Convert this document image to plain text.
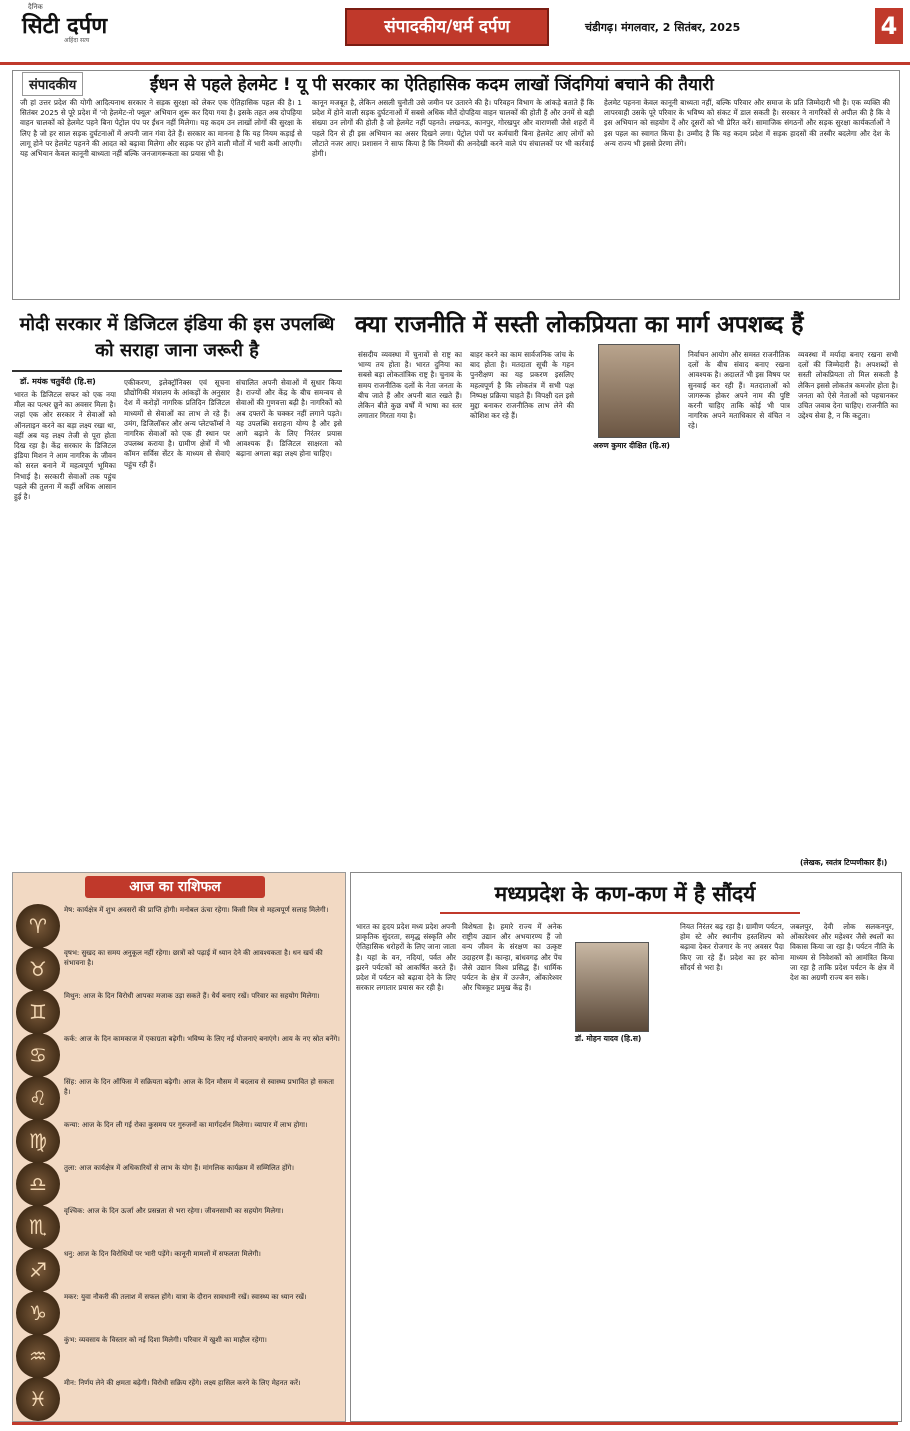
दैनिक
सिटी दर्पण
अहिंदा सत्य
संपादकीय/धर्म दर्पण	चंडीगढ़। मंगलवार, 2 सितंबर, 2025	4
संपादकीय	ईंधन से पहले हेलमेट ! यू पी सरकार का ऐतिहासिक कदम लाखों जिंदगियां बचाने की तैयारी
जी हां उत्तर प्रदेश की योगी आदित्यनाथ सरकार ने सड़क सुरक्षा को लेकर एक ऐतिहासिक पहल की है। 1 सितंबर 2025 से पूरे प्रदेश में 'नो हेलमेट-नो फ्यूल' अभियान शुरू कर दिया गया है। इसके तहत अब दोपहिया वाहन चालकों को हेलमेट पहने बिना पेट्रोल पंप पर ईंधन नहीं मिलेगा। यह कदम उन लाखों लोगों की सुरक्षा के लिए है जो हर साल सड़क दुर्घटनाओं में अपनी जान गंवा देते हैं। सरकार का मानना है कि यह नियम कड़ाई से लागू होने पर हेलमेट पहनने की आदत को बढ़ावा मिलेगा और सड़क पर होने वाली मौतों में भारी कमी आएगी। यह अभियान केवल कानूनी बाध्यता नहीं बल्कि जनजागरूकता का प्रयास भी है।
कानून मजबूत है, लेकिन असली चुनौती उसे जमीन पर उतारने की है। परिवहन विभाग के आंकड़े बताते हैं कि प्रदेश में होने वाली सड़क दुर्घटनाओं में सबसे अधिक मौतें दोपहिया वाहन चालकों की होती हैं और उनमें से बड़ी संख्या उन लोगों की होती है जो हेलमेट नहीं पहनते। लखनऊ, कानपुर, गोरखपुर और वाराणसी जैसे शहरों में पहले दिन से ही इस अभियान का असर दिखने लगा। पेट्रोल पंपों पर कर्मचारी बिना हेलमेट आए लोगों को लौटाते नजर आए। प्रशासन ने साफ किया है कि नियमों की अनदेखी करने वाले पंप संचालकों पर भी कार्रवाई होगी।
हेलमेट पहनना केवल कानूनी बाध्यता नहीं, बल्कि परिवार और समाज के प्रति जिम्मेदारी भी है। एक व्यक्ति की लापरवाही उसके पूरे परिवार के भविष्य को संकट में डाल सकती है। सरकार ने नागरिकों से अपील की है कि वे इस अभियान को सहयोग दें और दूसरों को भी प्रेरित करें। सामाजिक संगठनों और सड़क सुरक्षा कार्यकर्ताओं ने इस पहल का स्वागत किया है। उम्मीद है कि यह कदम प्रदेश में सड़क हादसों की तस्वीर बदलेगा और देश के अन्य राज्य भी इससे प्रेरणा लेंगे।
मोदी सरकार में डिजिटल इंडिया की इस उपलब्धि को सराहा जाना जरूरी है
डॉ. मयंक चतुर्वेदी (हि.स)
भारत के डिजिटल सफर को एक नया मील का पत्थर छूने का अवसर मिला है। जहां एक ओर सरकार ने सेवाओं को ऑनलाइन करने का बड़ा लक्ष्य रखा था, वहीं अब यह लक्ष्य तेजी से पूरा होता दिख रहा है। केंद्र सरकार के डिजिटल इंडिया मिशन ने आम नागरिक के जीवन को सरल बनाने में महत्वपूर्ण भूमिका निभाई है। सरकारी सेवाओं तक पहुंच पहले की तुलना में कहीं अधिक आसान हुई है।
एकीकरण, इलेक्ट्रॉनिक्स एवं सूचना प्रौद्योगिकी मंत्रालय के आंकड़ों के अनुसार देश में करोड़ों नागरिक प्रतिदिन डिजिटल माध्यमों से सेवाओं का लाभ ले रहे हैं। उमंग, डिजिलॉकर और अन्य प्लेटफॉर्म्स ने नागरिक सेवाओं को एक ही स्थान पर उपलब्ध कराया है। ग्रामीण क्षेत्रों में भी कॉमन सर्विस सेंटर के माध्यम से सेवाएं पहुंच रही हैं।
संचालित अपनी सेवाओं में सुधार किया है। राज्यों और केंद्र के बीच समन्वय से सेवाओं की गुणवत्ता बढ़ी है। नागरिकों को अब दफ्तरों के चक्कर नहीं लगाने पड़ते। यह उपलब्धि सराहना योग्य है और इसे आगे बढ़ाने के लिए निरंतर प्रयास आवश्यक हैं। डिजिटल साक्षरता को बढ़ाना अगला बड़ा लक्ष्य होना चाहिए।
क्या राजनीति में सस्ती लोकप्रियता का मार्ग अपशब्द हैं
अरुण कुमार दीक्षित (हि.स)
संसदीय व्यवस्था में चुनावों से राष्ट्र का भाग्य तय होता है। भारत दुनिया का सबसे बड़ा लोकतांत्रिक राष्ट्र है। चुनाव के समय राजनीतिक दलों के नेता जनता के बीच जाते हैं और अपनी बात रखते हैं। लेकिन बीते कुछ वर्षों में भाषा का स्तर लगातार गिरता गया है।
बाहर करने का काम सार्वजनिक जांच के बाद होता है। मतदाता सूची के गहन पुनरीक्षण का यह प्रकरण इसलिए महत्वपूर्ण है कि लोकतंत्र में सभी पक्ष निष्पक्ष प्रक्रिया चाहते हैं। विपक्षी दल इसे मुद्दा बनाकर राजनीतिक लाभ लेने की कोशिश कर रहे हैं।
निर्वाचन आयोग और समस्त राजनीतिक दलों के बीच संवाद बनाए रखना आवश्यक है। अदालतें भी इस विषय पर सुनवाई कर रही हैं। मतदाताओं को जागरूक होकर अपने नाम की पुष्टि करनी चाहिए ताकि कोई भी पात्र नागरिक अपने मताधिकार से वंचित न रहे।
व्यवस्था में मर्यादा बनाए रखना सभी दलों की जिम्मेदारी है। अपशब्दों से सस्ती लोकप्रियता तो मिल सकती है लेकिन इससे लोकतंत्र कमजोर होता है। जनता को ऐसे नेताओं को पहचानकर उचित जवाब देना चाहिए। राजनीति का उद्देश्य सेवा है, न कि कटुता।
(लेखक, स्वतंत्र टिप्पणीकार हैं।)
आज का राशिफल
♈
मेष: कार्यक्षेत्र में शुभ अवसरों की प्राप्ति होगी। मनोबल ऊंचा रहेगा। किसी मित्र से महत्वपूर्ण सलाह मिलेगी।
♉
वृषभ: सुखद का समय अनुकूल नहीं रहेगा। छात्रों को पढ़ाई में ध्यान देने की आवश्यकता है। धन खर्च की संभावना है।
♊
मिथुन: आज के दिन विरोधी आपका मजाक उड़ा सकते हैं। धैर्य बनाए रखें। परिवार का सहयोग मिलेगा।
♋
कर्क: आज के दिन कामकाज में एकाग्रता बढ़ेगी। भविष्य के लिए नई योजनाएं बनाएंगे। आय के नए स्रोत बनेंगे।
♌
सिंह: आज के दिन ऑफिस में सक्रियता बढ़ेगी। आज के दिन मौसम में बदलाव से स्वास्थ्य प्रभावित हो सकता है।
♍
कन्या: आज के दिन ली गई रोका कुसमय पर गुरुजनों का मार्गदर्शन मिलेगा। व्यापार में लाभ होगा।
♎
तुला: आज कार्यक्षेत्र में अधिकारियों से लाभ के योग हैं। मांगलिक कार्यक्रम में सम्मिलित होंगे।
♏
वृश्चिक: आज के दिन ऊर्जा और प्रसन्नता से भरा रहेगा। जीवनसाथी का सहयोग मिलेगा।
♐
धनु: आज के दिन विरोधियों पर भारी पड़ेंगे। कानूनी मामलों में सफलता मिलेगी।
♑
मकर: युवा नौकरी की तलाश में सफल होंगे। यात्रा के दौरान सावधानी रखें। स्वास्थ्य का ध्यान रखें।
♒
कुंभ: व्यवसाय के विस्तार को नई दिशा मिलेगी। परिवार में खुशी का माहौल रहेगा।
♓
मीन: निर्णय लेने की क्षमता बढ़ेगी। विरोधी सक्रिय रहेंगे। लक्ष्य हासिल करने के लिए मेहनत करें।
मध्यप्रदेश के कण-कण में है सौंदर्य
डॉ. मोहन यादव (हि.स)
भारत का हृदय प्रदेश मध्य प्रदेश अपनी प्राकृतिक सुंदरता, समृद्ध संस्कृति और ऐतिहासिक धरोहरों के लिए जाना जाता है। यहां के वन, नदियां, पर्वत और झरने पर्यटकों को आकर्षित करते हैं। प्रदेश में पर्यटन को बढ़ावा देने के लिए सरकार लगातार प्रयास कर रही है।
विशेषता है। हमारे राज्य में अनेक राष्ट्रीय उद्यान और अभयारण्य हैं जो वन्य जीवन के संरक्षण का उत्कृष्ट उदाहरण हैं। कान्हा, बांधवगढ़ और पेंच जैसे उद्यान विश्व प्रसिद्ध हैं। धार्मिक पर्यटन के क्षेत्र में उज्जैन, ओंकारेश्वर और चित्रकूट प्रमुख केंद्र हैं।
नियत निरंतर बढ़ रहा है। ग्रामीण पर्यटन, होम स्टे और स्थानीय हस्तशिल्प को बढ़ावा देकर रोजगार के नए अवसर पैदा किए जा रहे हैं। प्रदेश का हर कोना सौंदर्य से भरा है।
जबलपुर, देवी लोक सलकनपुर, ओंकारेश्वर और महेश्वर जैसे स्थलों का विकास किया जा रहा है। पर्यटन नीति के माध्यम से निवेशकों को आमंत्रित किया जा रहा है ताकि प्रदेश पर्यटन के क्षेत्र में देश का अग्रणी राज्य बन सके।
